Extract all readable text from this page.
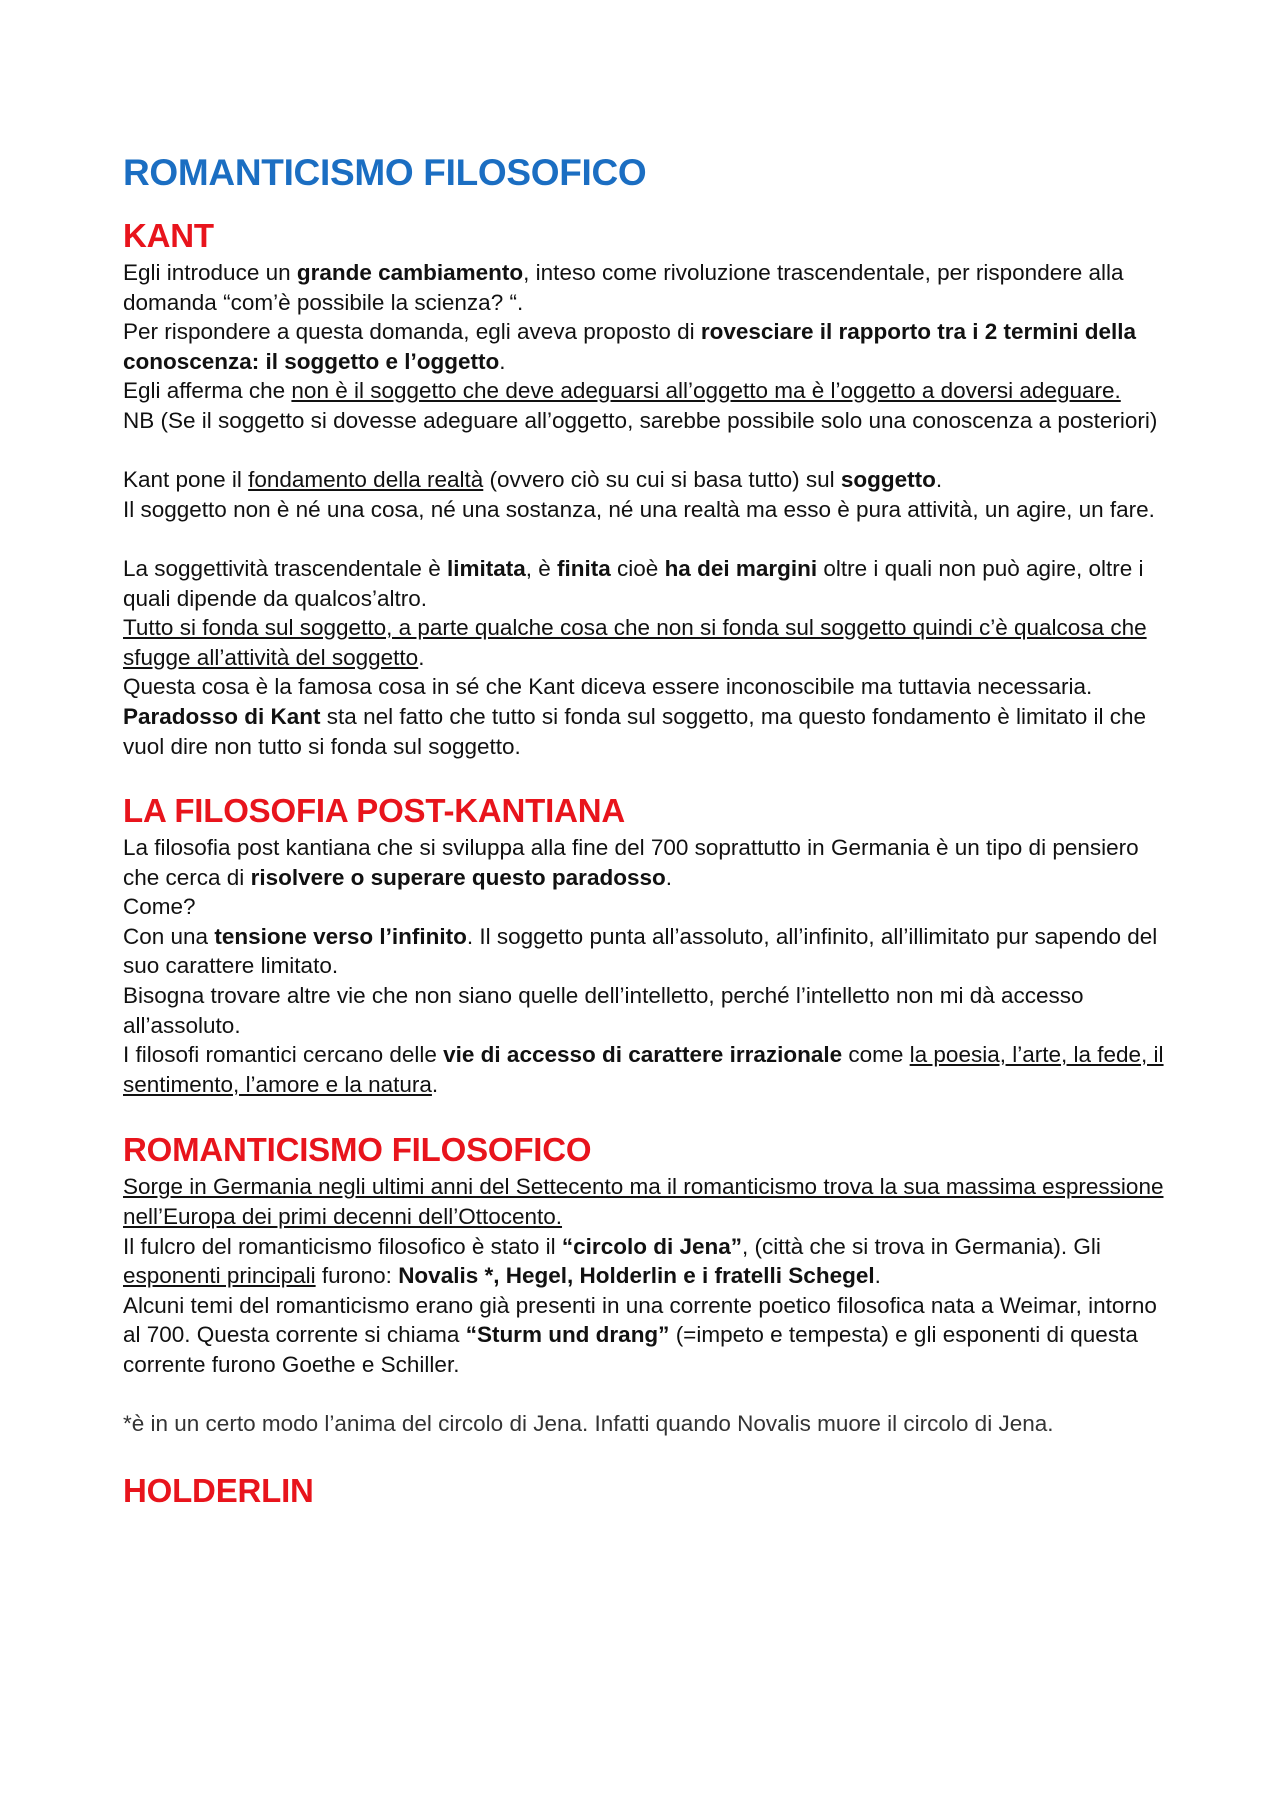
ROMANTICISMO FILOSOFICO
KANT

Egli introduce un grande cambiamento, inteso come rivoluzione trascendentale, per rispondere alla domanda “com’è possibile la scienza? “.

Per rispondere a questa domanda, egli aveva proposto di rovesciare il rapporto tra i 2 termini della conoscenza: il soggetto e l’oggetto.

Egli afferma che non è il soggetto che deve adeguarsi all’oggetto ma è l’oggetto a doversi adeguare.

NB (Se il soggetto si dovesse adeguare all’oggetto, sarebbe possibile solo una conoscenza a posteriori)

Kant pone il fondamento della realtà (ovvero ciò su cui si basa tutto) sul soggetto.

Il soggetto non è né una cosa, né una sostanza, né una realtà ma esso è pura attività, un agire, un fare.

La soggettività trascendentale è limitata, è finita cioè ha dei margini oltre i quali non può agire, oltre i quali dipende da qualcos’altro.

Tutto si fonda sul soggetto, a parte qualche cosa che non si fonda sul soggetto quindi c’è qualcosa che sfugge all’attività del soggetto.

Questa cosa è la famosa cosa in sé che Kant diceva essere inconoscibile ma tuttavia necessaria.

Paradosso di Kant sta nel fatto che tutto si fonda sul soggetto, ma questo fondamento è limitato il che vuol dire non tutto si fonda sul soggetto.

LA FILOSOFIA POST-KANTIANA

La filosofia post kantiana che si sviluppa alla fine del 700 soprattutto in Germania è un tipo di pensiero che cerca di risolvere o superare questo paradosso.

Come?

Con una tensione verso l’infinito. Il soggetto punta all’assoluto, all’infinito, all’illimitato pur sapendo del suo carattere limitato.

Bisogna trovare altre vie che non siano quelle dell’intelletto, perché l’intelletto non mi dà accesso all’assoluto.

I filosofi romantici cercano delle vie di accesso di carattere irrazionale come la poesia, l’arte, la fede, il sentimento, l’amore e la natura.

ROMANTICISMO FILOSOFICO

Sorge in Germania negli ultimi anni del Settecento ma il romanticismo trova la sua massima espressione nell’Europa dei primi decenni dell’Ottocento.

Il fulcro del romanticismo filosofico è stato il “circolo di Jena”, (città che si trova in Germania). Gli esponenti principali furono: Novalis *, Hegel, Holderlin e i fratelli Schegel.

Alcuni temi del romanticismo erano già presenti in una corrente poetico filosofica nata a Weimar, intorno al 700. Questa corrente si chiama “Sturm und drang” (=impeto e tempesta) e gli esponenti di questa corrente furono Goethe e Schiller.

*è in un certo modo l’anima del circolo di Jena. Infatti quando Novalis muore il circolo di Jena.

HOLDERLIN
